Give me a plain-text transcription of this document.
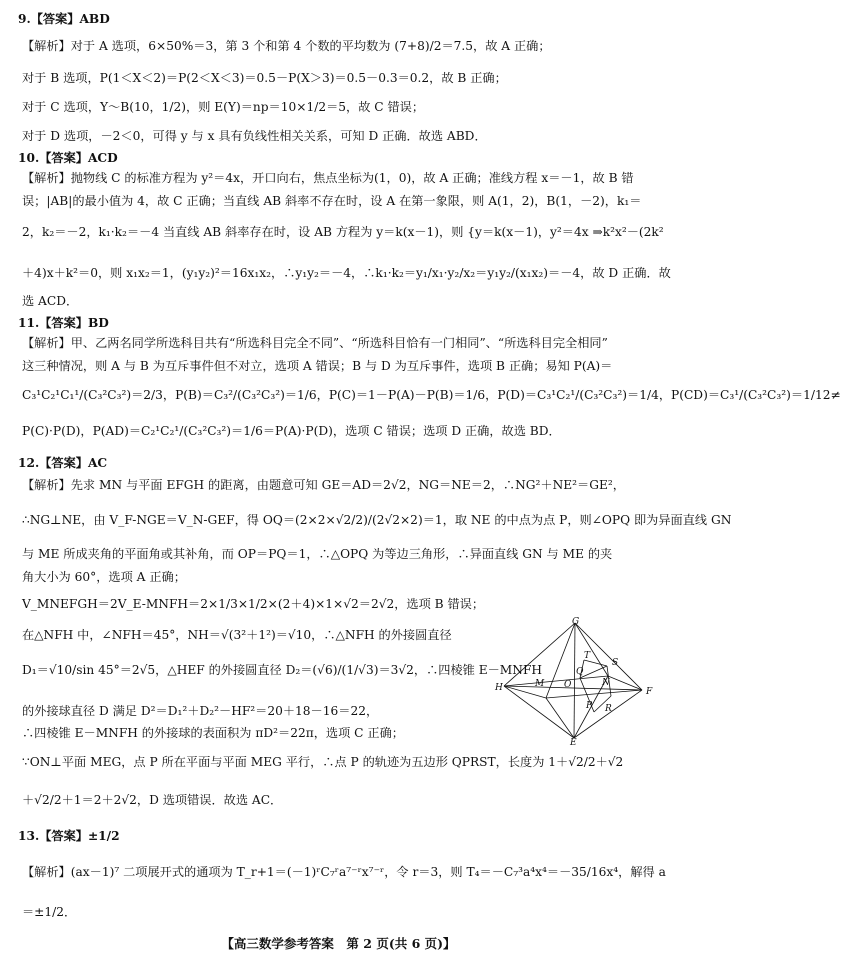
9.【答案】ABD
【解析】对于 A 选项，6×50%＝3，第 3 个和第 4 个数的平均数为 (7+8)/2＝7.5，故 A 正确；
对于 B 选项，P(1＜X＜2)＝P(2＜X＜3)＝0.5－P(X＞3)＝0.5－0.3＝0.2，故 B 正确；
对于 C 选项，Y～B(10，1/2)，则 E(Y)＝np＝10×1/2＝5，故 C 错误；
对于 D 选项，－2＜0，可得 y 与 x 具有负线性相关关系，可知 D 正确．故选 ABD．
10.【答案】ACD
【解析】抛物线 C 的标准方程为 y²＝4x，开口向右，焦点坐标为(1，0)，故 A 正确；准线方程 x＝－1，故 B 错
误；|AB|的最小值为 4，故 C 正确；当直线 AB 斜率不存在时，设 A 在第一象限，则 A(1，2)，B(1，－2)，k₁＝
2，k₂＝－2，k₁·k₂＝－4 当直线 AB 斜率存在时，设 AB 方程为 y＝k(x－1)，则 {y＝k(x－1)，y²＝4x ⇒k²x²－(2k²
＋4)x＋k²＝0，则 x₁x₂＝1，(y₁y₂)²＝16x₁x₂，∴y₁y₂＝－4，∴k₁·k₂＝y₁/x₁·y₂/x₂＝y₁y₂/(x₁x₂)＝－4，故 D 正确．故
选 ACD．
11.【答案】BD
【解析】甲、乙两名同学所选科目共有“所选科目完全不同”、“所选科目恰有一门相同”、“所选科目完全相同”
这三种情况，则 A 与 B 为互斥事件但不对立，选项 A 错误；B 与 D 为互斥事件，选项 B 正确；易知 P(A)＝
C₃¹C₂¹C₁¹/(C₃²C₃²)＝2/3，P(B)＝C₃²/(C₃²C₃²)＝1/6，P(C)＝1－P(A)－P(B)＝1/6，P(D)＝C₃¹C₂¹/(C₃²C₃²)＝1/4，P(CD)＝C₃¹/(C₃²C₃²)＝1/12≠
P(C)·P(D)，P(AD)＝C₂¹C₂¹/(C₃²C₃²)＝1/6＝P(A)·P(D)，选项 C 错误；选项 D 正确，故选 BD．
12.【答案】AC
【解析】先求 MN 与平面 EFGH 的距离，由题意可知 GE＝AD＝2√2，NG＝NE＝2，∴NG²＋NE²＝GE²，
∴NG⊥NE，由 V_F-NGE＝V_N-GEF，得 OQ＝(2×2×√2/2)/(2√2×2)＝1，取 NE 的中点为点 P，则∠OPQ 即为异面直线 GN
与 ME 所成夹角的平面角或其补角，而 OP＝PQ＝1，∴△OPQ 为等边三角形，∴异面直线 GN 与 ME 的夹
角大小为 60°，选项 A 正确；
V_MNEFGH＝2V_E-MNFH＝2×1/3×1/2×(2＋4)×1×√2＝2√2，选项 B 错误；
在△NFH 中，∠NFH＝45°，NH＝√(3²＋1²)＝√10，∴△NFH 的外接圆直径
D₁＝√10/sin 45°＝2√5，△HEF 的外接圆直径 D₂＝(√6)/(1/√3)＝3√2，∴四棱锥 E－MNFH
的外接球直径 D 满足 D²＝D₁²＋D₂²－HF²＝20＋18－16＝22，
∴四棱锥 E－MNFH 的外接球的表面积为 πD²＝22π，选项 C 正确；
∵ON⊥平面 MEG，点 P 所在平面与平面 MEG 平行，∴点 P 的轨迹为五边形 QPRST，长度为 1＋√2/2＋√2
＋√2/2＋1＝2＋2√2，D 选项错误．故选 AC．
13.【答案】±1/2
【解析】(ax－1)⁷ 二项展开式的通项为 T_r+1＝(－1)ʳC₇ʳa⁷⁻ʳx⁷⁻ʳ，令 r＝3，则 T₄＝－C₇³a⁴x⁴＝－35/16x⁴，解得 a
＝±1/2．
G
S
T
H	M O
Q
N
F
P R
E
【高三数学参考答案　第 2 页(共 6 页)】
